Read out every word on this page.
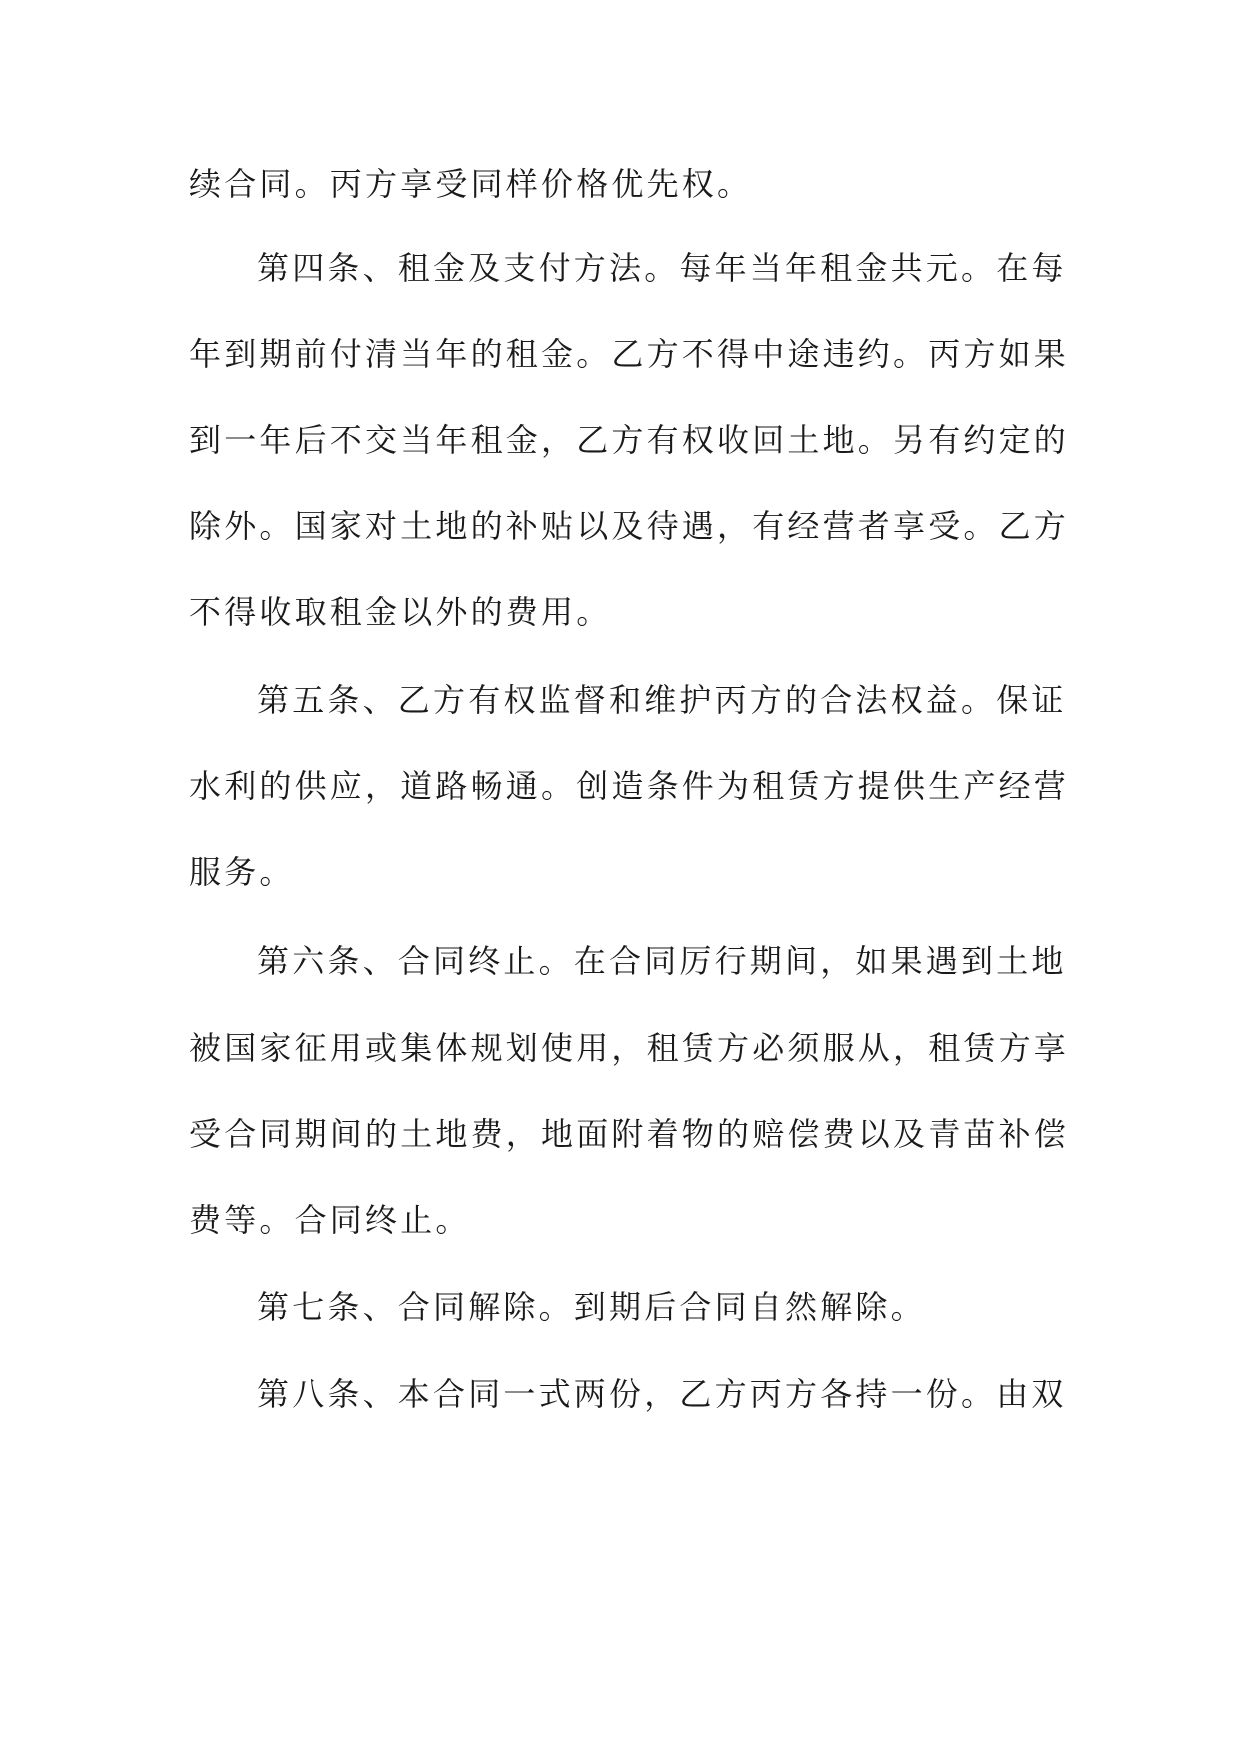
续合同。丙方享受同样价格优先权。
第四条、租金及支付方法。每年当年租金共元。在每
年到期前付清当年的租金。乙方不得中途违约。丙方如果
到一年后不交当年租金，乙方有权收回土地。另有约定的
除外。国家对土地的补贴以及待遇，有经营者享受。乙方
不得收取租金以外的费用。
第五条、乙方有权监督和维护丙方的合法权益。保证
水利的供应，道路畅通。创造条件为租赁方提供生产经营
服务。
第六条、合同终止。在合同厉行期间，如果遇到土地
被国家征用或集体规划使用，租赁方必须服从，租赁方享
受合同期间的土地费，地面附着物的赔偿费以及青苗补偿
费等。合同终止。
第七条、合同解除。到期后合同自然解除。
第八条、本合同一式两份，乙方丙方各持一份。由双
